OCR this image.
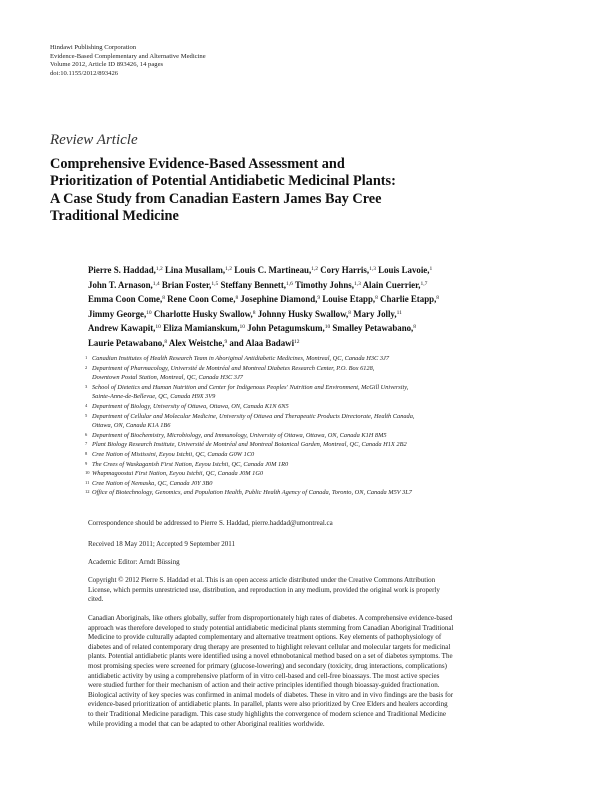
Hindawi Publishing Corporation
Evidence-Based Complementary and Alternative Medicine
Volume 2012, Article ID 893426, 14 pages
doi:10.1155/2012/893426
Review Article
Comprehensive Evidence-Based Assessment and
Prioritization of Potential Antidiabetic Medicinal Plants:
A Case Study from Canadian Eastern James Bay Cree
Traditional Medicine
Pierre S. Haddad,$^{1,2}$ Lina Musallam,$^{1,2}$ Louis C. Martineau,$^{1,2}$ Cory Harris,$^{1,3}$ Louis Lavoie,$^1$
John T. Arnason,$^{1,4}$ Brian Foster,$^{1,5}$ Steffany Bennett,$^{1,6}$ Timothy Johns,$^{1,3}$ Alain Cuerrier,$^{1,7}$
Emma Coon Come,$^8$ Rene Coon Come,$^8$ Josephine Diamond,$^9$ Louise Etapp,$^8$ Charlie Etapp,$^8$
Jimmy George,$^{10}$ Charlotte Husky Swallow,$^8$ Johnny Husky Swallow,$^8$ Mary Jolly,$^{11}$
Andrew Kawapit,$^{10}$ Eliza Mamianskum,$^{10}$ John Petagumskum,$^{10}$ Smalley Petawabano,$^8$
Laurie Petawabano,$^8$ Alex Weistche,$^9$ and Alaa Badawi$^{12}$
1 Canadian Institutes of Health Research Team in Aboriginal Antidiabetic Medicines, Montreal, QC, Canada H3C 3J7
2 Department of Pharmacology, Université de Montréal and Montreal Diabetes Research Center, P.O. Box 6128,
Downtown Postal Station, Montreal, QC, Canada H3C 3J7
3 School of Dietetics and Human Nutrition and Center for Indigenous Peoples' Nutrition and Environment, McGill University,
Sainte-Anne-de-Bellevue, QC, Canada H9X 3V9
4 Department of Biology, University of Ottawa, Ottawa, ON, Canada K1N 6N5
5 Department of Cellular and Molecular Medicine, University of Ottawa and Therapeutic Products Directorate, Health Canada,
Ottawa, ON, Canada K1A 1B6
6 Department of Biochemistry, Microbiology, and Immunology, University of Ottawa, Ottawa, ON, Canada K1H 8M5
7 Plant Biology Research Institute, Université de Montréal and Montreal Botanical Garden, Montreal, QC, Canada H1X 2B2
8 Cree Nation of Mistissini, Eeyou Istchii, QC, Canada G0W 1C0
9 The Crees of Waskaganish First Nation, Eeyou Istchii, QC, Canada J0M 1R0
10 Whapmagoostui First Nation, Eeyou Istchii, QC, Canada J0M 1G0
11 Cree Nation of Nemaska, QC, Canada J0Y 3B0
12 Office of Biotechnology, Genomics, and Population Health, Public Health Agency of Canada, Toronto, ON, Canada M5V 3L7
Correspondence should be addressed to Pierre S. Haddad, pierre.haddad@umontreal.ca
Received 18 May 2011; Accepted 9 September 2011
Academic Editor: Arndt Büssing
Copyright © 2012 Pierre S. Haddad et al. This is an open access article distributed under the Creative Commons Attribution
License, which permits unrestricted use, distribution, and reproduction in any medium, provided the original work is properly
cited.
Canadian Aboriginals, like others globally, suffer from disproportionately high rates of diabetes. A comprehensive evidence-based
approach was therefore developed to study potential antidiabetic medicinal plants stemming from Canadian Aboriginal Traditional
Medicine to provide culturally adapted complementary and alternative treatment options. Key elements of pathophysiology of
diabetes and of related contemporary drug therapy are presented to highlight relevant cellular and molecular targets for medicinal
plants. Potential antidiabetic plants were identified using a novel ethnobotanical method based on a set of diabetes symptoms. The
most promising species were screened for primary (glucose-lowering) and secondary (toxicity, drug interactions, complications)
antidiabetic activity by using a comprehensive platform of in vitro cell-based and cell-free bioassays. The most active species
were studied further for their mechanism of action and their active principles identified though bioassay-guided fractionation.
Biological activity of key species was confirmed in animal models of diabetes. These in vitro and in vivo findings are the basis for
evidence-based prioritization of antidiabetic plants. In parallel, plants were also prioritized by Cree Elders and healers according
to their Traditional Medicine paradigm. This case study highlights the convergence of modern science and Traditional Medicine
while providing a model that can be adapted to other Aboriginal realities worldwide.
